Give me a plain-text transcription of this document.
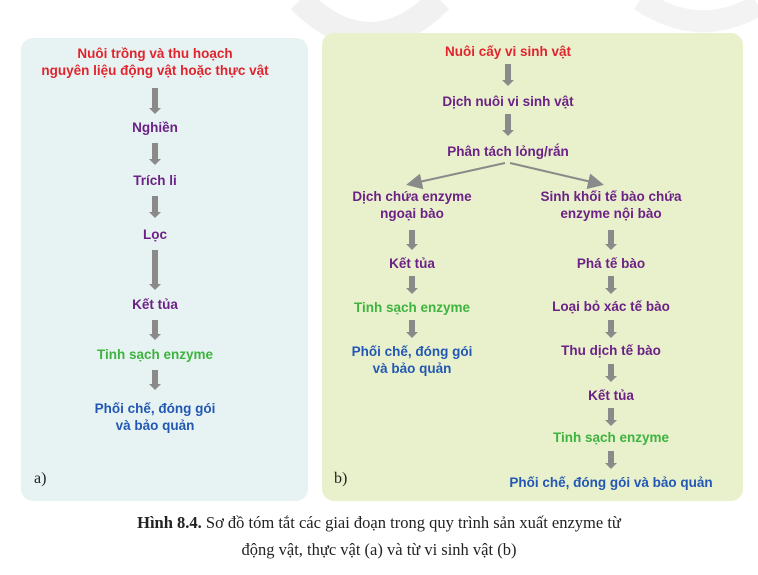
Nuôi trồng và thu hoạch
nguyên liệu động vật hoặc thực vật
Nghiền
Trích li
Lọc
Kết tủa
Tinh sạch enzyme
Phối chế, đóng gói
và bảo quản
Nuôi cấy vi sinh vật
Dịch nuôi vi sinh vật
Phân tách lỏng/rắn
Dịch chứa enzyme
ngoại bào
Kết tủa
Tinh sạch enzyme
Phối chế, đóng gói
và bảo quản
Sinh khối tế bào chứa
enzyme nội bào
Phá tế bào
Loại bỏ xác tế bào
Thu dịch tế bào
Kết tủa
Tinh sạch enzyme
Phối chế, đóng gói và bảo quản
a)	b)
Hình 8.4. Sơ đồ tóm tắt các giai đoạn trong quy trình sản xuất enzyme từ
động vật, thực vật (a) và từ vi sinh vật (b)
